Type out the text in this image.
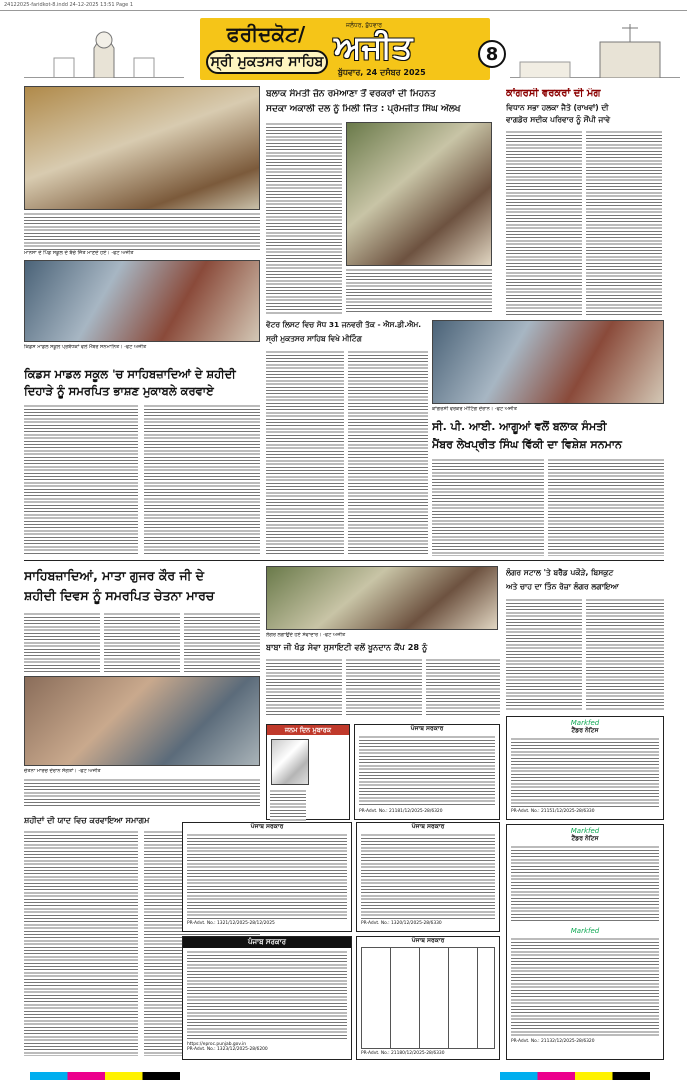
24122025-faridkot-8.indd 24-12-2025 13:51 Page 1
ਫਰੀਦਕੋਟ/
ਸ੍ਰੀ ਮੁਕਤਸਰ ਸਾਹਿਬ
ਜਲੰਧਰ, ਬੁੱਧਵਾਰ
ਅਜੀਤ
ਬੁੱਧਵਾਰ, 24 ਦਸੰਬਰ 2025
8
ਮਾਨਸਾ ਦੇ ਪਿੰਡ ਸਕੂਲ ਦੇ ਬੱਚੇ ਜਿੱਤ ਮਾਣਦੇ ਹੋਏ। -ਫੋਟੋ ਅਜੀਤ
ਕਿਡਸ ਮਾਡਲ ਸਕੂਲ ਪ੍ਰਬੰਧਕਾਂ ਵਲੋਂ ਮੈਂਬਰ ਸਨਮਾਨਿਤ। -ਫੋਟੋ ਅਜੀਤ
ਕਿਡਸ ਮਾਡਲ ਸਕੂਲ 'ਚ ਸਾਹਿਬਜ਼ਾਦਿਆਂ ਦੇ ਸ਼ਹੀਦੀ
ਦਿਹਾੜੇ ਨੂੰ ਸਮਰਪਿਤ ਭਾਸ਼ਣ ਮੁਕਾਬਲੇ ਕਰਵਾਏ
ਬਲਾਕ ਸੰਮਤੀ ਜ਼ੋਨ ਰਮੇਆਣਾ ਤੋਂ ਵਰਕਰਾਂ ਦੀ ਮਿਹਨਤ
ਸਦਕਾ ਅਕਾਲੀ ਦਲ ਨੂੰ ਮਿਲੀ ਜਿੱਤ : ਪ੍ਰੇਮਜੀਤ ਸਿੰਘ ਔਲਖ
ਕਾਂਗਰਸੀ ਵਰਕਰਾਂ ਦੀ ਮੰਗ
ਵਿਧਾਨ ਸਭਾ ਹਲਕਾ ਜੈਤੋ (ਰਾਖਵਾਂ) ਦੀ
ਵਾਗਡੋਰ ਸਦੀਕ ਪਰਿਵਾਰ ਨੂੰ ਸੌਂਪੀ ਜਾਵੇ
ਵੋਟਰ ਲਿਸਟ ਵਿਚ ਸੋਧ 31 ਜਨਵਰੀ ਤੱਕ - ਐਸ.ਡੀ.ਐਮ.
ਸ੍ਰੀ ਮੁਕਤਸਰ ਸਾਹਿਬ ਵਿਖੇ ਮੀਟਿੰਗ
ਕਾਂਗਰਸੀ ਵਰਕਰ ਮੀਟਿੰਗ ਦੌਰਾਨ। -ਫੋਟੋ ਅਜੀਤ
ਸੀ. ਪੀ. ਆਈ. ਆਗੂਆਂ ਵਲੋਂ ਬਲਾਕ ਸੰਮਤੀ
ਮੈਂਬਰ ਲੇਖਪ੍ਰੀਤ ਸਿੰਘ ਵਿੱਕੀ ਦਾ ਵਿਸ਼ੇਸ਼ ਸਨਮਾਨ
ਸਾਹਿਬਜ਼ਾਦਿਆਂ, ਮਾਤਾ ਗੁਜਰ ਕੌਰ ਜੀ ਦੇ
ਸ਼ਹੀਦੀ ਦਿਵਸ ਨੂੰ ਸਮਰਪਿਤ ਚੇਤਨਾ ਮਾਰਚ
ਚੇਤਨਾ ਮਾਰਚ ਦੌਰਾਨ ਸੰਗਤਾਂ। -ਫੋਟੋ ਅਜੀਤ
ਲੰਗਰ ਲਗਾਉਂਦੇ ਹੋਏ ਸੇਵਾਦਾਰ। -ਫੋਟੋ ਅਜੀਤ
ਲੰਗਰ ਸਟਾਲ 'ਤੇ ਬਰੈੱਡ ਪਕੌੜੇ, ਬਿਸਕੁਟ
ਅਤੇ ਚਾਹ ਦਾ ਤਿੰਨ ਰੋਜ਼ਾ ਲੰਗਰ ਲਗਾਇਆ
ਬਾਬਾ ਜੀ ਖੰਡ ਸੇਵਾ ਸੁਸਾਇਟੀ ਵਲੋਂ ਖੂਨਦਾਨ ਕੈਂਪ 28 ਨੂੰ
ਜਨਮ ਦਿਨ ਮੁਬਾਰਕ
	ਪੰਜਾਬ ਸਰਕਾਰ
PR-Advt. No.: 21181/12/2025-28/6320
Markfed
ਟੈਂਡਰ ਨੋਟਿਸ
PR-Advt. No.: 21151/12/2025-28/6330
ਸ਼ਹੀਦਾਂ ਦੀ ਯਾਦ ਵਿਚ ਕਰਵਾਇਆ ਸਮਾਗਮ
ਪੰਜਾਬ ਸਰਕਾਰ
PR-Advt. No.: 1321/12/2025-28/12/2025
ਪੰਜਾਬ ਸਰਕਾਰ
https://eproc.punjab.gov.in
PR-Advt. No.: 1323/12/2025-28/6200
ਪੰਜਾਬ ਸਰਕਾਰ
PR-Advt. No.: 1320/12/2025-28/6330
ਪੰਜਾਬ ਸਰਕਾਰ
PR-Advt. No.: 21180/12/2025-28/6330
Markfed
ਟੈਂਡਰ ਨੋਟਿਸ
Markfed
PR-Advt. No.: 21132/12/2025-28/6320
